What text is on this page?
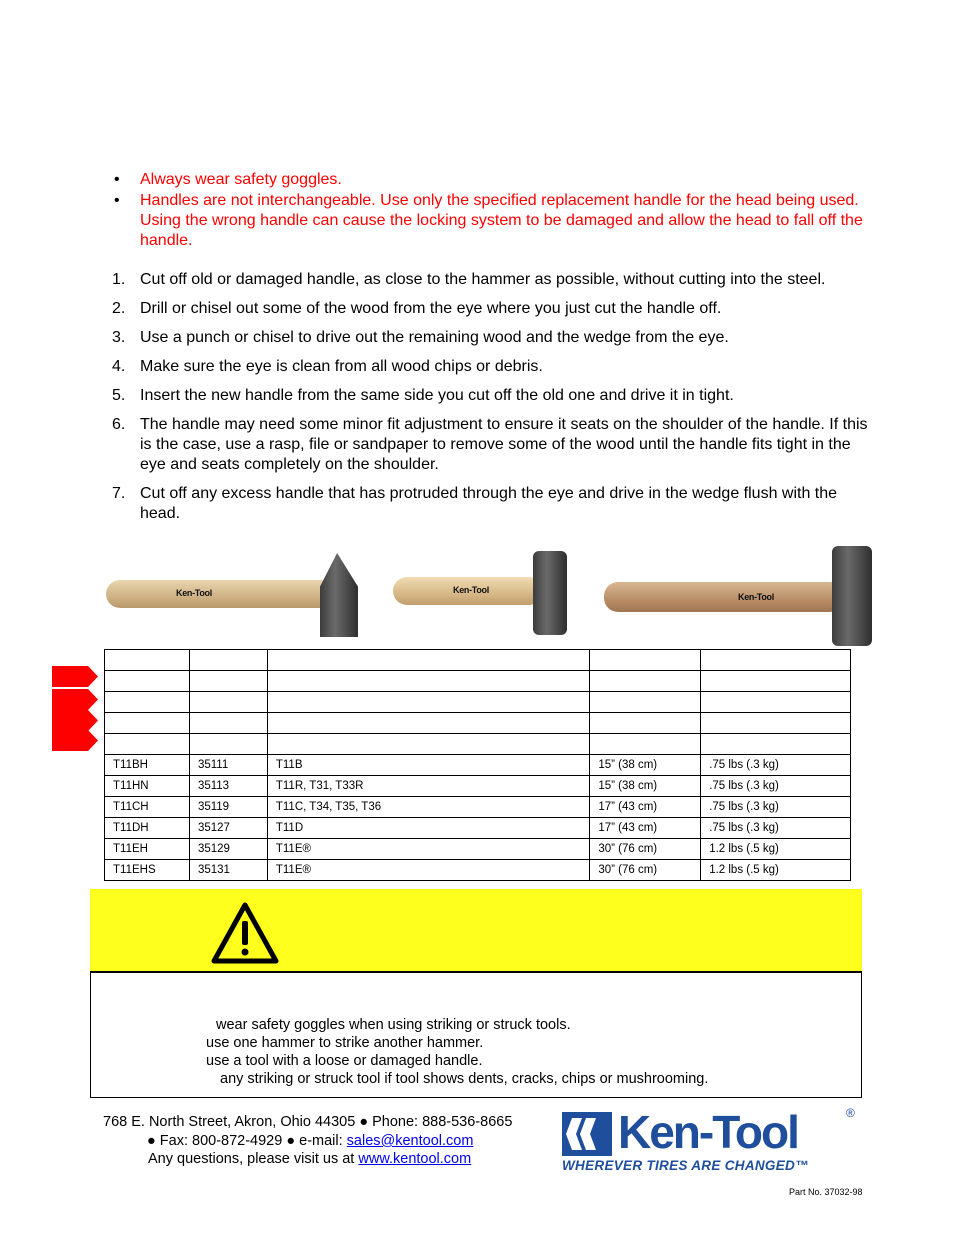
• Always wear safety goggles.
• Handles are not interchangeable. Use only the specified replacement handle for the head being used. Using the wrong handle can cause the locking system to be damaged and allow the head to fall off the handle.
1. Cut off old or damaged handle, as close to the hammer as possible, without cutting into the steel.
2. Drill or chisel out some of the wood from the eye where you just cut the handle off.
3. Use a punch or chisel to drive out the remaining wood and the wedge from the eye.
4. Make sure the eye is clean from all wood chips or debris.
5. Insert the new handle from the same side you cut off the old one and drive it in tight.
6. The handle may need some minor fit adjustment to ensure it seats on the shoulder of the handle. If this is the case, use a rasp, file or sandpaper to remove some of the wood until the handle fits tight in the eye and seats completely on the shoulder.
7. Cut off any excess handle that has protruded through the eye and drive in the wedge flush with the head.
Ken-Tool	Ken-Tool
Ken-Tool

T11BH	35111	T11B	15” (38 cm)	.75 lbs (.3 kg)
T11HN	35113	T11R, T31, T33R	15” (38 cm)	.75 lbs (.3 kg)
T11CH	35119	T11C, T34, T35, T36	17” (43 cm)	.75 lbs (.3 kg)
T11DH	35127	T11D	17” (43 cm)	.75 lbs (.3 kg)
T11EH	35129	T11E®	30” (76 cm)	1.2 lbs (.5 kg)
T11EHS	35131	T11E®	30” (76 cm)	1.2 lbs (.5 kg)
wear safety goggles when using striking or struck tools.
use one hammer to strike another hammer.
use a tool with a loose or damaged handle.
any striking or struck tool if tool shows dents, cracks, chips or mushrooming.
768 E. North Street, Akron, Ohio 44305 ● Phone: 888-536-8665
● Fax: 800-872-4929 ● e-mail: sales@kentool.com
Any questions, please visit us at www.kentool.com
Ken-Tool	®
WHEREVER TIRES ARE CHANGED™
Part No. 37032-98
